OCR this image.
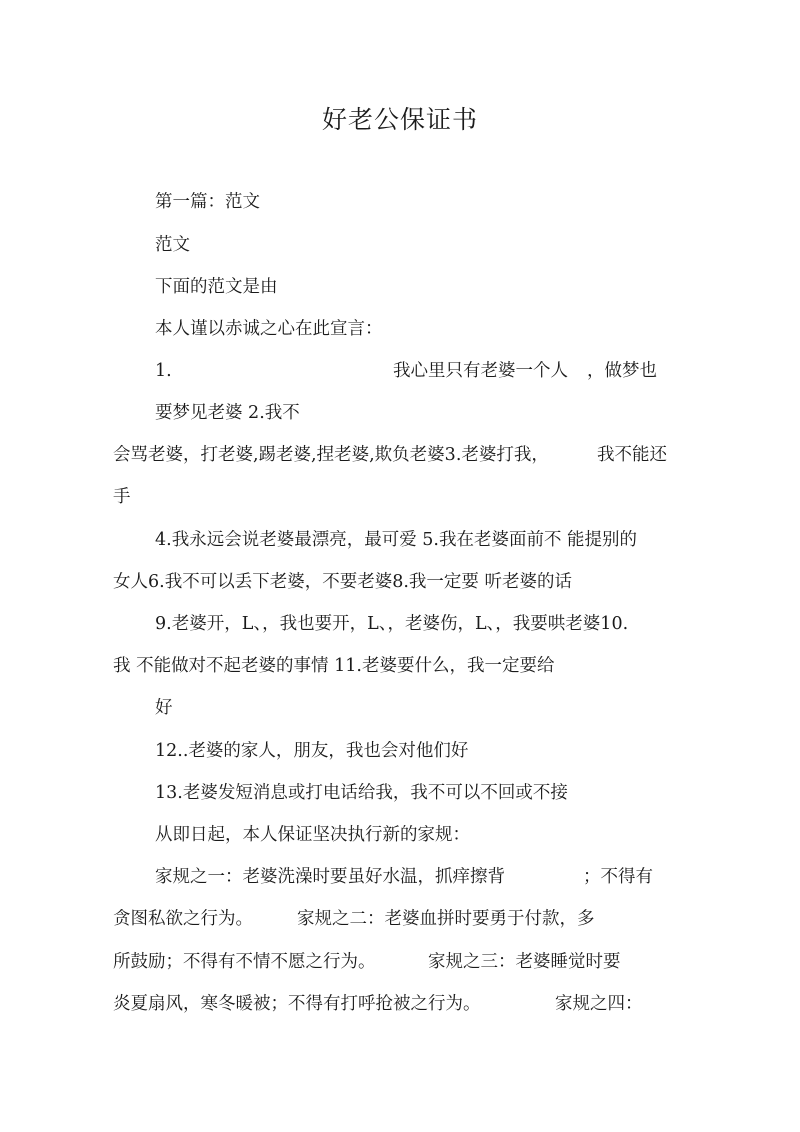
好老公保证书
第一篇：范文
范文
下面的范文是由
本人谨以赤诚之心在此宣言：
1.	我心里只有老婆一个人 ，做梦也
要梦见老婆 2.我不
会骂老婆，打老婆,踢老婆,捏老婆,欺负老婆3.老婆打我，	我不能还
手
4.我永远会说老婆最漂亮，最可爱 5.我在老婆面前不 能提别的
女人6.我不可以丢下老婆，不要老婆8.我一定要 听老婆的话
9.老婆开，L、，我也要开，L、，老婆伤，L、，我要哄老婆10.
我 不能做对不起老婆的事情 11.老婆要什么，我一定要给
好
12..老婆的家人，朋友，我也会对他们好
13.老婆发短消息或打电话给我，我不可以不回或不接
从即日起，本人保证坚决执行新的家规：
家规之一：老婆洗澡时要虽好水温，抓痒擦背	；不得有
贪图私欲之行为。	家规之二：老婆血拼时要勇于付款，多
所鼓励；不得有不情不愿之行为。	家规之三：老婆睡觉时要
炎夏扇风，寒冬暖被；不得有打呼抢被之行为。	家规之四：
